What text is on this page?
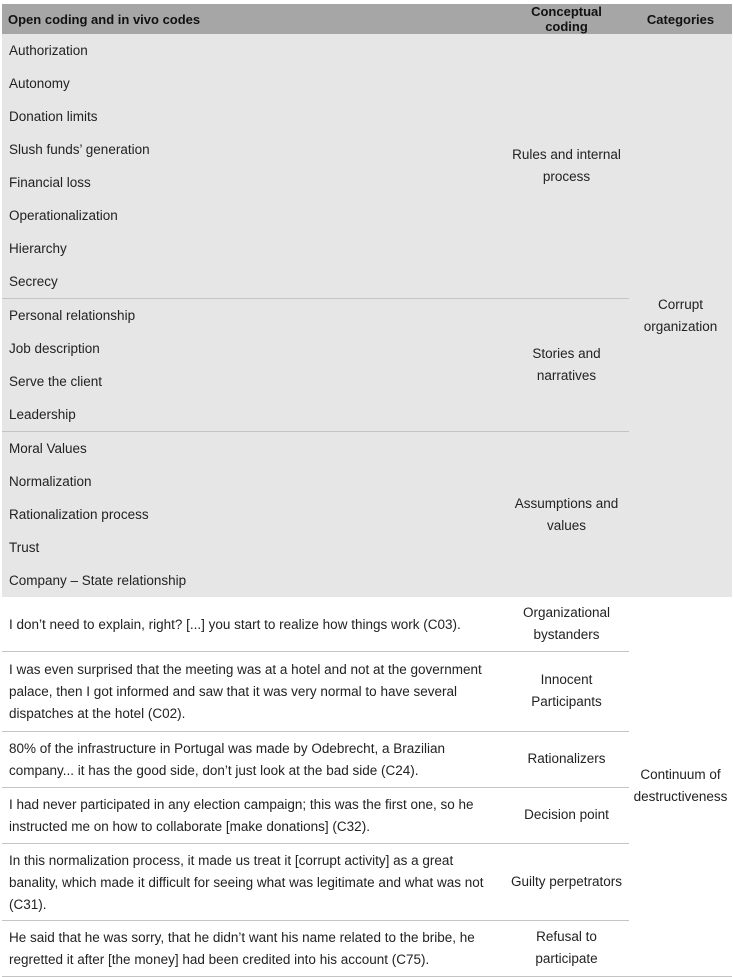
Open coding and in vivo codes	Conceptual coding	Categories
Authorization	Rules and internal process	Corrupt organization
Autonomy		
Donation limits		
Slush funds’ generation		
Financial loss		
Operationalization		
Hierarchy		
Secrecy		
Personal relationship	Stories and narratives	
Job description		
Serve the client		
Leadership		
Moral Values	Assumptions and values	
Normalization		
Rationalization process		
Trust		
Company – State relationship		
I don’t need to explain, right? [...] you start to realize how things work (C03).	Organizational bystanders	Continuum of destructiveness
I was even surprised that the meeting was at a hotel and not at the government palace, then I got informed and saw that it was very normal to have several dispatches at the hotel (C02).	Innocent Participants	
80% of the infrastructure in Portugal was made by Odebrecht, a Brazilian company... it has the good side, don’t just look at the bad side (C24).	Rationalizers	
I had never participated in any election campaign; this was the first one, so he instructed me on how to collaborate [make donations] (C32).	Decision point	
In this normalization process, it made us treat it [corrupt activity] as a great banality, which made it difficult for seeing what was legitimate and what was not (C31).	Guilty perpetrators	
He said that he was sorry, that he didn’t want his name related to the bribe, he regretted it after [the money] had been credited into his account (C75).	Refusal to participate	
